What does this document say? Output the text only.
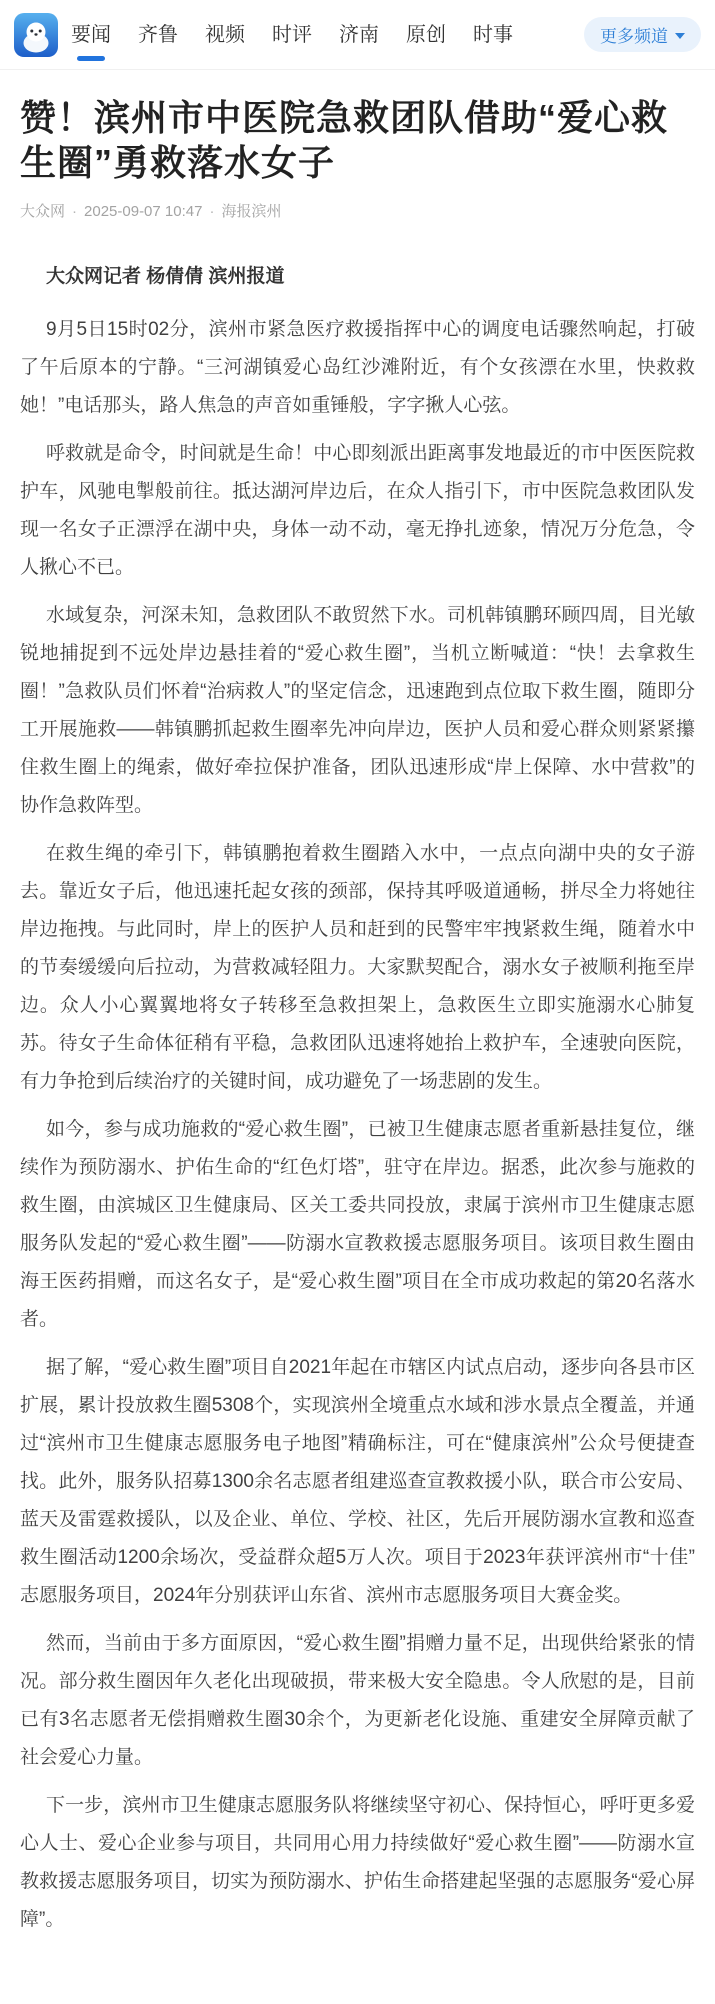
要闻 齐鲁 视频 时评 济南 原创 时事	更多频道
赞！滨州市中医院急救团队借助“爱心救生圈”勇救落水女子
大众网 · 2025-09-07 10:47 · 海报滨州

大众网记者 杨倩倩 滨州报道

9月5日15时02分，滨州市紧急医疗救援指挥中心的调度电话骤然响起，打破了午后原本的宁静。“三河湖镇爱心岛红沙滩附近，有个女孩漂在水里，快救救她！”电话那头，路人焦急的声音如重锤般，字字揪人心弦。

呼救就是命令，时间就是生命！中心即刻派出距离事发地最近的市中医医院救护车，风驰电掣般前往。抵达湖河岸边后，在众人指引下，市中医院急救团队发现一名女子正漂浮在湖中央，身体一动不动，毫无挣扎迹象，情况万分危急，令人揪心不已。

水域复杂，河深未知，急救团队不敢贸然下水。司机韩镇鹏环顾四周，目光敏锐地捕捉到不远处岸边悬挂着的“爱心救生圈”，当机立断喊道：“快！去拿救生圈！”急救队员们怀着“治病救人”的坚定信念，迅速跑到点位取下救生圈，随即分工开展施救——韩镇鹏抓起救生圈率先冲向岸边，医护人员和爱心群众则紧紧攥住救生圈上的绳索，做好牵拉保护准备，团队迅速形成“岸上保障、水中营救”的协作急救阵型。

在救生绳的牵引下，韩镇鹏抱着救生圈踏入水中，一点点向湖中央的女子游去。靠近女子后，他迅速托起女孩的颈部，保持其呼吸道通畅，拼尽全力将她往岸边拖拽。与此同时，岸上的医护人员和赶到的民警牢牢拽紧救生绳，随着水中的节奏缓缓向后拉动，为营救减轻阻力。大家默契配合，溺水女子被顺利拖至岸边。众人小心翼翼地将女子转移至急救担架上，急救医生立即实施溺水心肺复苏。待女子生命体征稍有平稳，急救团队迅速将她抬上救护车，全速驶向医院，有力争抢到后续治疗的关键时间，成功避免了一场悲剧的发生。

如今，参与成功施救的“爱心救生圈”，已被卫生健康志愿者重新悬挂复位，继续作为预防溺水、护佑生命的“红色灯塔”，驻守在岸边。据悉，此次参与施救的救生圈，由滨城区卫生健康局、区关工委共同投放，隶属于滨州市卫生健康志愿服务队发起的“爱心救生圈”——防溺水宣教救援志愿服务项目。该项目救生圈由海王医药捐赠，而这名女子，是“爱心救生圈”项目在全市成功救起的第20名落水者。

据了解，“爱心救生圈”项目自2021年起在市辖区内试点启动，逐步向各县市区扩展，累计投放救生圈5308个，实现滨州全境重点水域和涉水景点全覆盖，并通过“滨州市卫生健康志愿服务电子地图”精确标注，可在“健康滨州”公众号便捷查找。此外，服务队招募1300余名志愿者组建巡查宣教救援小队，联合市公安局、蓝天及雷霆救援队，以及企业、单位、学校、社区，先后开展防溺水宣教和巡查救生圈活动1200余场次，受益群众超5万人次。项目于2023年获评滨州市“十佳”志愿服务项目，2024年分别获评山东省、滨州市志愿服务项目大赛金奖。

然而，当前由于多方面原因，“爱心救生圈”捐赠力量不足，出现供给紧张的情况。部分救生圈因年久老化出现破损，带来极大安全隐患。令人欣慰的是，目前已有3名志愿者无偿捐赠救生圈30余个，为更新老化设施、重建安全屏障贡献了社会爱心力量。

下一步，滨州市卫生健康志愿服务队将继续坚守初心、保持恒心，呼吁更多爱心人士、爱心企业参与项目，共同用心用力持续做好“爱心救生圈”——防溺水宣教救援志愿服务项目，切实为预防溺水、护佑生命搭建起坚强的志愿服务“爱心屏障”。
